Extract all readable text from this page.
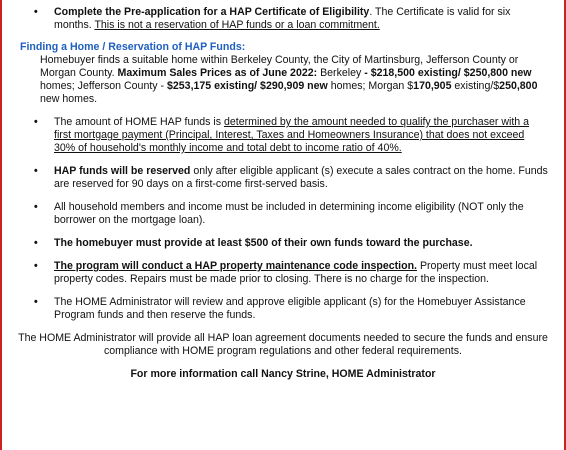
• Complete the Pre-application for a HAP Certificate of Eligibility. The Certificate is valid for six months. This is not a reservation of HAP funds or a loan commitment.

Finding a Home / Reservation of HAP Funds:

Homebuyer finds a suitable home within Berkeley County, the City of Martinsburg, Jefferson County or Morgan County. Maximum Sales Prices as of June 2022: Berkeley - $218,500 existing/ $250,800 new homes; Jefferson County - $253,175 existing/ $290,909 new homes; Morgan $170,905 existing/$250,800 new homes.

• The amount of HOME HAP funds is determined by the amount needed to qualify the purchaser with a first mortgage payment (Principal, Interest, Taxes and Homeowners Insurance) that does not exceed 30% of household's monthly income and total debt to income ratio of 40%.

• HAP funds will be reserved only after eligible applicant (s) execute a sales contract on the home. Funds are reserved for 90 days on a first-come first-served basis.

• All household members and income must be included in determining income eligibility (NOT only the borrower on the mortgage loan).

• The homebuyer must provide at least $500 of their own funds toward the purchase.

• The program will conduct a HAP property maintenance code inspection. Property must meet local property codes. Repairs must be made prior to closing. There is no charge for the inspection.

• The HOME Administrator will review and approve eligible applicant (s) for the Homebuyer Assistance Program funds and then reserve the funds.

The HOME Administrator will provide all HAP loan agreement documents needed to secure the funds and ensure compliance with HOME program regulations and other federal requirements.

For more information call Nancy Strine, HOME Administrator
